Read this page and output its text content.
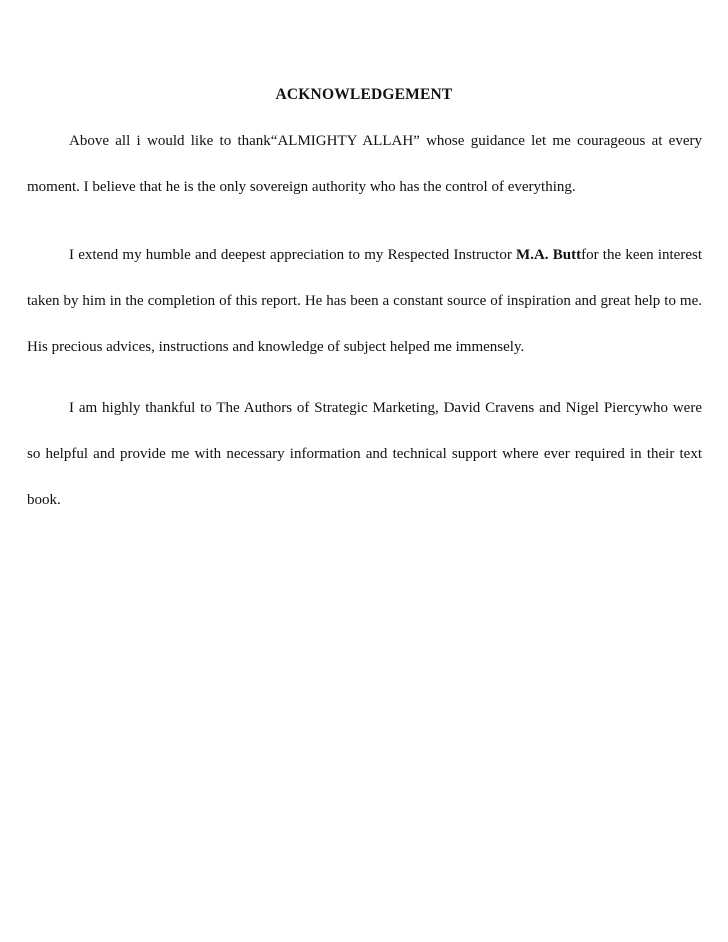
ACKNOWLEDGEMENT

Above all i would like to thank“ALMIGHTY ALLAH” whose guidance let me courageous at every moment. I believe that he is the only sovereign authority who has the control of everything.

I extend my humble and deepest appreciation to my Respected Instructor M.A. Buttfor the keen interest taken by him in the completion of this report. He has been a constant source of inspiration and great help to me. His precious advices, instructions and knowledge of subject helped me immensely.

I am highly thankful to The Authors of Strategic Marketing, David Cravens and Nigel Piercywho were so helpful and provide me with necessary information and technical support where ever required in their text book.
